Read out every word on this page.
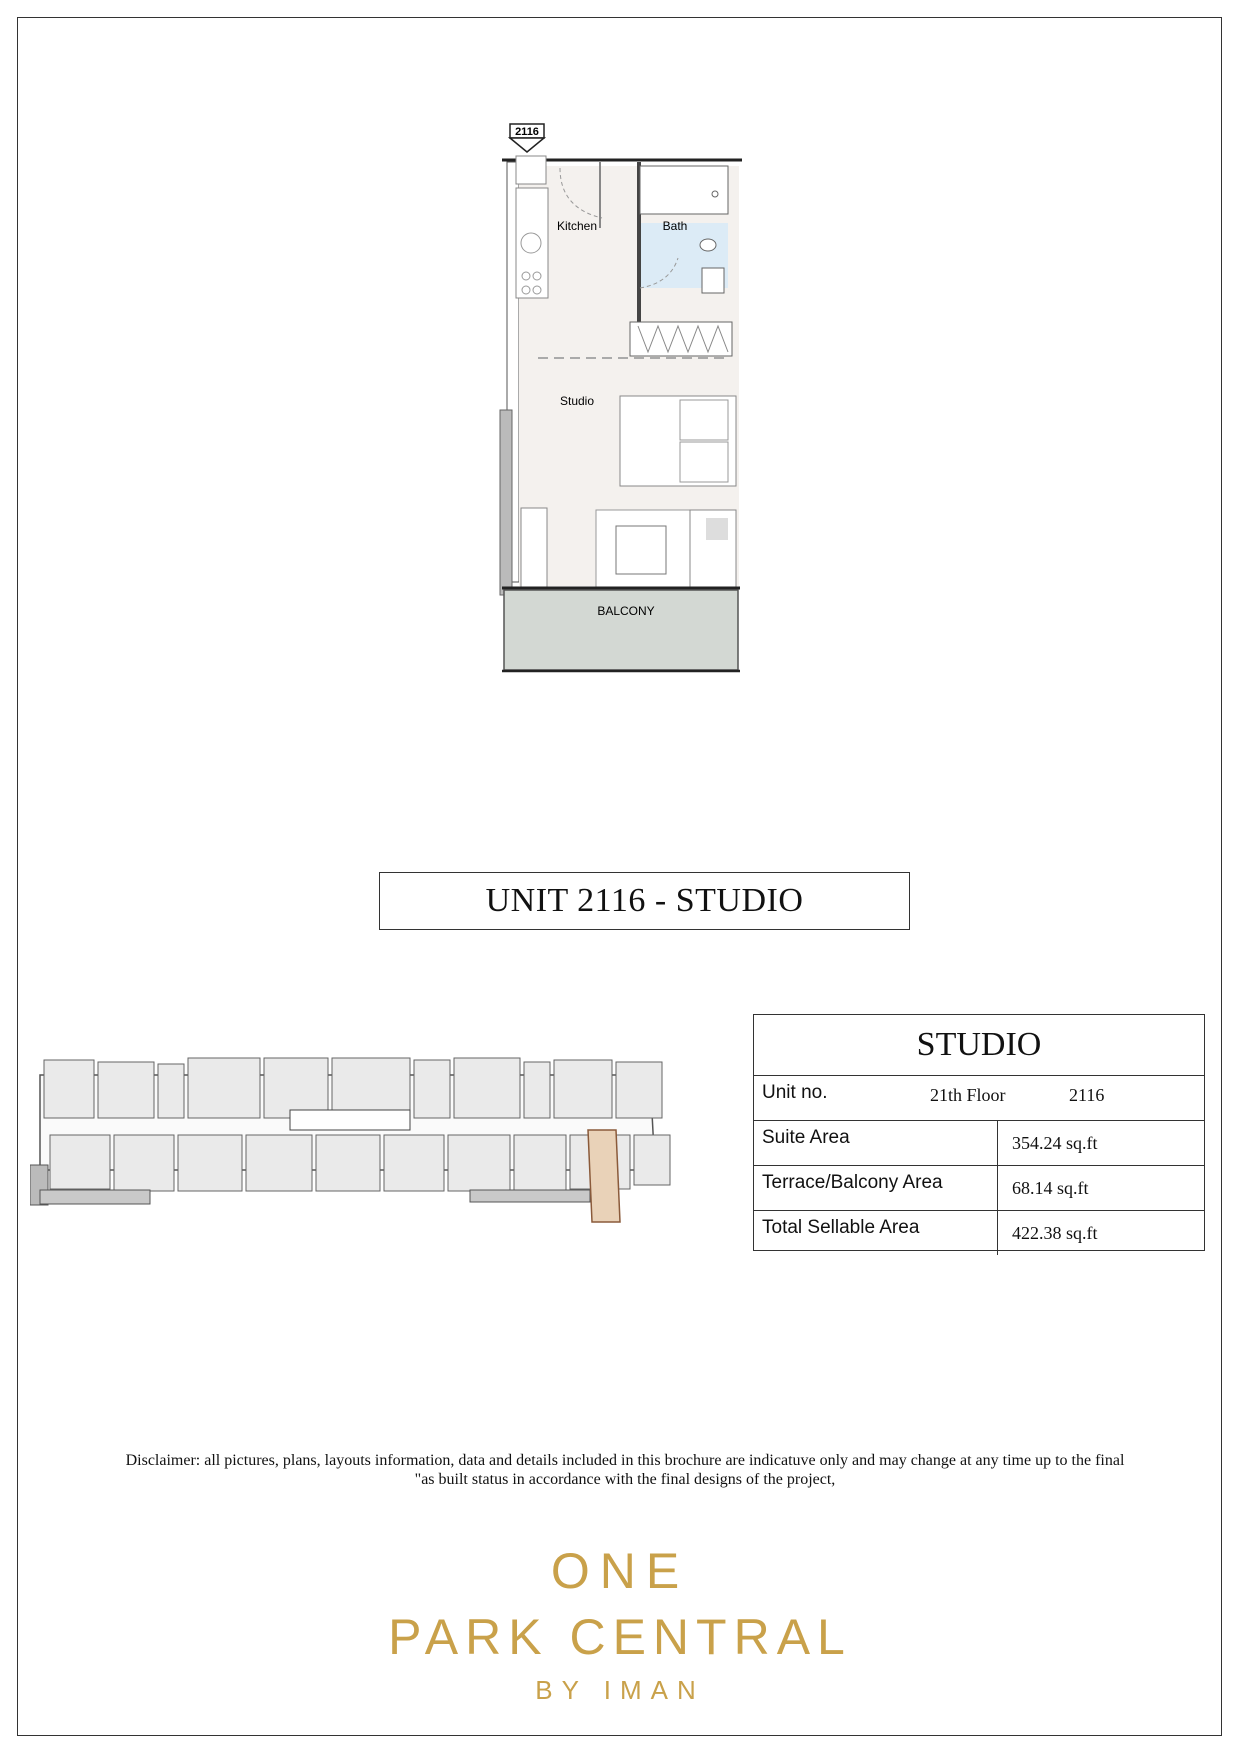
2116
Kitchen	Bath
Studio
BALCONY
UNIT 2116 - STUDIO
STUDIO
Unit no.	21th Floor	2116
Suite Area	354.24 sq.ft
Terrace/Balcony Area	68.14 sq.ft
Total Sellable Area	422.38 sq.ft
Disclaimer: all pictures, plans, layouts information, data and details included in this brochure are indicatuve only and may change at any time up to the final
"as built status in accordance with the final designs of the project,
ONE
PARK CENTRAL
BY IMAN
